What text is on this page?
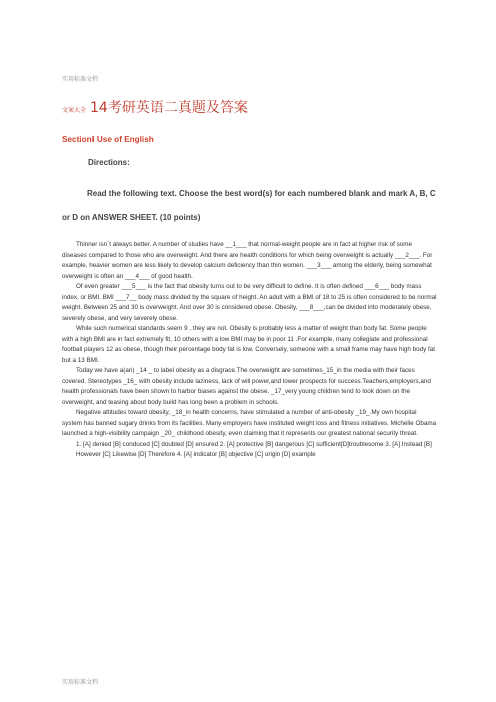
实用标准文档
文案大全 14考研英语二真题及答案
SectionⅠ Use of English
Directions:
Read the following text. Choose the best word(s) for each numbered blank and mark A, B, C or D on ANSWER SHEET. (10 points)

Thinner isn`t always better. A number of studies have __1___ that normal-weight people are in fact at higher risk of some diseases compared to those who are overweight. And there are health conditions for which being overweight is actually ___2___. For example, heavier women are less likely to develop calcium deficiency than thin women. ___3___ among the elderly, being somewhat overweight is often an ___4___ of good health.

Of even greater ___5___ is the fact that obesity turns out to be very difficult to define. It is often defined ___6___ body mass index, or BMI. BMI ___7__ body mass divided by the square of height. An adult with a BMI of 18 to 25 is often considered to be normal weight. Between 25 and 30 is overweight. And over 30 is considered obese. Obesity, ___8___,can be divided into moderately obese, severely obese, and very severely obese.

While such numerical standards seem 9 , they are not. Obesity is probably less a matter of weight than body fat. Some people with a high BMI are in fact extremely fit, 10 others with a low BMI may be in poor 11 .For example, many collegiate and professional football players 12 as obese, though their percentage body fat is low. Conversely, someone with a small frame may have high body fat but a 13 BMI.

Today we have a(an) _14 _ to label obesity as a disgrace.The overweight are sometimes_15_in the media with their faces covered. Stereotypes _16_ with obesity include laziness, lack of will power,and lower prospects for success.Teachers,employers,and health professionals have been shown to harbor biases against the obese. _17_very young children tend to look down on the overweight, and teasing about body build has long been a problem in schools.

Negative attitudes toward obesity, _18_in health concerns, have stimulated a number of anti-obesity _19_.My own hospital system has banned sugary drinks from its facilities. Many employers have instituted weight loss and fitness initiatives. Michelle Obama launched a high-visibility campaign _20_ childhood obesity, even claiming that it represents our greatest national security threat.

1. [A] denied [B] conduced [C] doubled [D] ensured 2. [A] protective [B] dangerous [C] sufficient[D]troublesome 3. [A] Instead [B] However [C] Likewise [D] Therefore 4. [A] indicator [B] objective [C] origin [D] example

实用标准文档
